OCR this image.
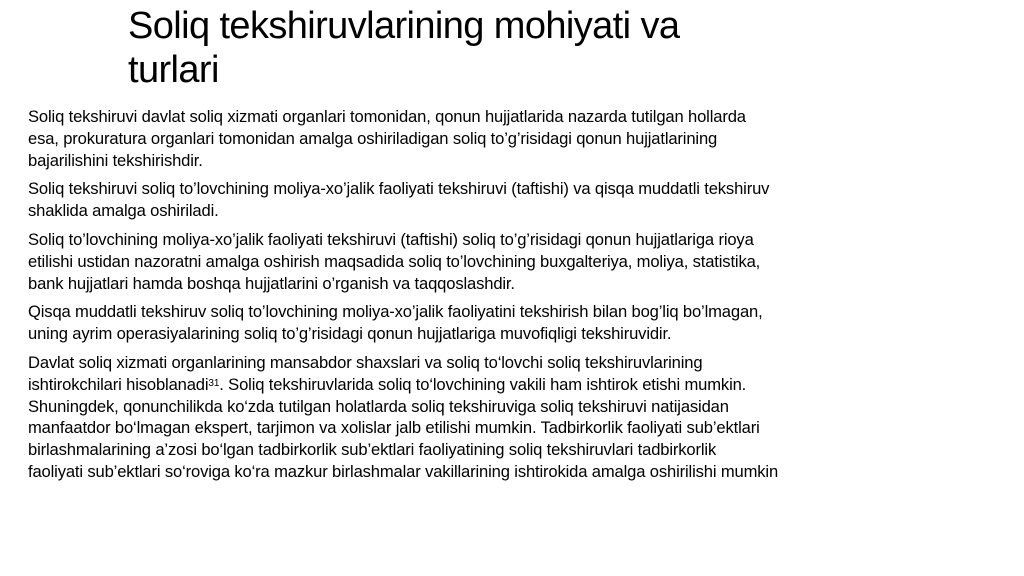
Soliq tekshiruvlarining mohiyati va
turlari

Soliq tekshiruvi davlat soliq xizmati organlari tomonidan, qonun hujjatlarida nazarda tutilgan hollarda
esa, prokuratura organlari tomonidan amalga oshiriladigan soliq to’g’risidagi qonun hujjatlarining
bajarilishini tekshirishdir.

Soliq tekshiruvi soliq to’lovchining moliya-xo’jalik faoliyati tekshiruvi (taftishi) va qisqa muddatli tekshiruv
shaklida amalga oshiriladi.

Soliq to’lovchining moliya-xo’jalik faoliyati tekshiruvi (taftishi) soliq to’g’risidagi qonun hujjatlariga rioya
etilishi ustidan nazoratni amalga oshirish maqsadida soliq to’lovchining buxgalteriya, moliya, statistika,
bank hujjatlari hamda boshqa hujjatlarini o’rganish va taqqoslashdir.

Qisqa muddatli tekshiruv soliq to’lovchining moliya-xo’jalik faoliyatini tekshirish bilan bog’liq bo’lmagan,
uning ayrim operasiyalarining soliq to’g’risidagi qonun hujjatlariga muvofiqligi tekshiruvidir.

Davlat soliq xizmati organlarining mansabdor shaxslari va soliq to‘lovchi soliq tekshiruvlarining
ishtirokchilari hisoblanadi$^{31}$. Soliq tekshiruvlarida soliq to‘lovchining vakili ham ishtirok etishi mumkin.
Shuningdek, qonunchilikda ko‘zda tutilgan holatlarda soliq tekshiruviga soliq tekshiruvi natijasidan
manfaatdor bo‘lmagan ekspert, tarjimon va xolislar jalb etilishi mumkin. Tadbirkorlik faoliyati sub’ektlari
birlashmalarining a’zosi bo‘lgan tadbirkorlik sub’ektlari faoliyatining soliq tekshiruvlari tadbirkorlik
faoliyati sub’ektlari so‘roviga ko‘ra mazkur birlashmalar vakillarining ishtirokida amalga oshirilishi mumkin
